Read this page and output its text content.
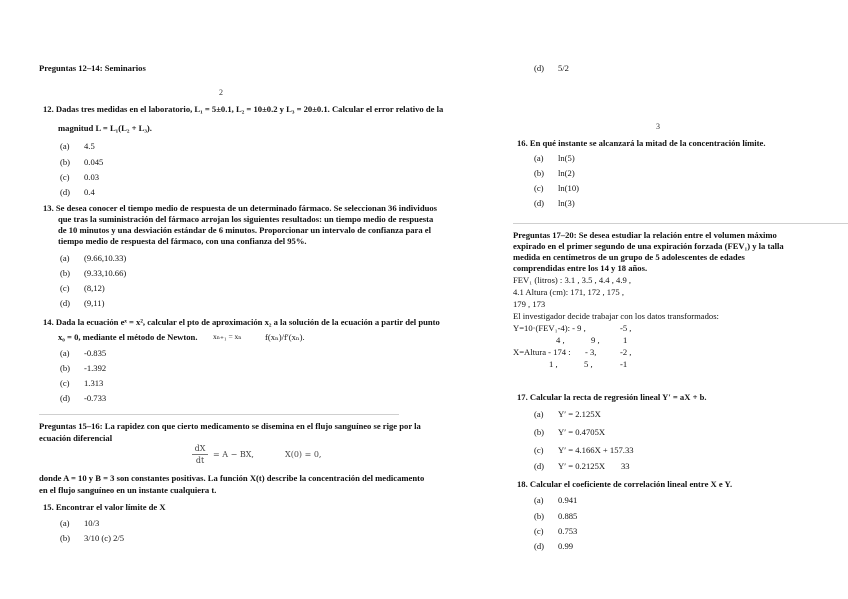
Preguntas 12–14: Seminarios
2
12. Dadas tres medidas en el laboratorio, L₁ = 5±0.1, L₂ = 10±0.2 y L₃ = 20±0.1. Calcular el error relativo de la
magnitud L = L₁(L₂ + L₃).
(a) 4.5
(b) 0.045
(c) 0.03
(d) 0.4
13. Se desea conocer el tiempo medio de respuesta de un determinado fármaco. Se seleccionan 36 individuos
que tras la suministración del fármaco arrojan los siguientes resultados: un tiempo medio de respuesta
de 10 minutos y una desviación estándar de 6 minutos. Proporcionar un intervalo de confianza para el
tiempo medio de respuesta del fármaco, con una confianza del 95%.
(a) (9.66,10.33)
(b) (9.33,10.66)
(c) (8,12)
(d) (9,11)
14. Dada la ecuación eˣ = x², calcular el pto de aproximación x₂ a la solución de la ecuación a partir del punto
x₀ = 0, mediante el método de Newton. xₙ₊₁ = xₙ	f(xₙ)/f′(xₙ).
(a) -0.835
(b) -1.392
(c) 1.313
(d) -0.733
Preguntas 15–16: La rapidez con que cierto medicamento se disemina en el flujo sanguíneo se rige por la
ecuación diferencial
dX
dt
= A − BX,	X(0) = 0,
donde A = 10 y B = 3 son constantes positivas. La función X(t) describe la concentración del medicamento
en el flujo sanguíneo en un instante cualquiera t.
15. Encontrar el valor límite de X
(a) 10/3
(b) 3/10 (c) 2/5
(d) 5/2
3
16. En qué instante se alcanzará la mitad de la concentración límite.
(a) ln(5)
(b) ln(2)
(c) ln(10)
(d) ln(3)
Preguntas 17–20: Se desea estudiar la relación entre el volumen máximo
expirado en el primer segundo de una expiración forzada (FEV₁) y la talla
medida en centímetros de un grupo de 5 adolescentes de edades
comprendidas entre los 14 y 18 años.
FEV₁ (litros) : 3.1 , 3.5 , 4.4 , 4.9 ,
4.1 Altura (cm): 171, 172 , 175 ,
179 , 173
El investigador decide trabajar con los datos transformados:
Y=10·(FEV₁-4): - 9 ,	-5 ,
4 ,	9 ,	1
X=Altura - 174 : - 3,	-2 ,
1 ,	5 ,	-1
17. Calcular la recta de regresión lineal Y′ = aX + b.
(a) Y′ = 2.125X
(b) Y′ = 0.4705X
(c) Y′ = 4.166X + 157.33
(d) Y′ = 0.2125X 33
18. Calcular el coeficiente de correlación lineal entre X e Y.
(a) 0.941
(b) 0.885
(c) 0.753
(d) 0.99
